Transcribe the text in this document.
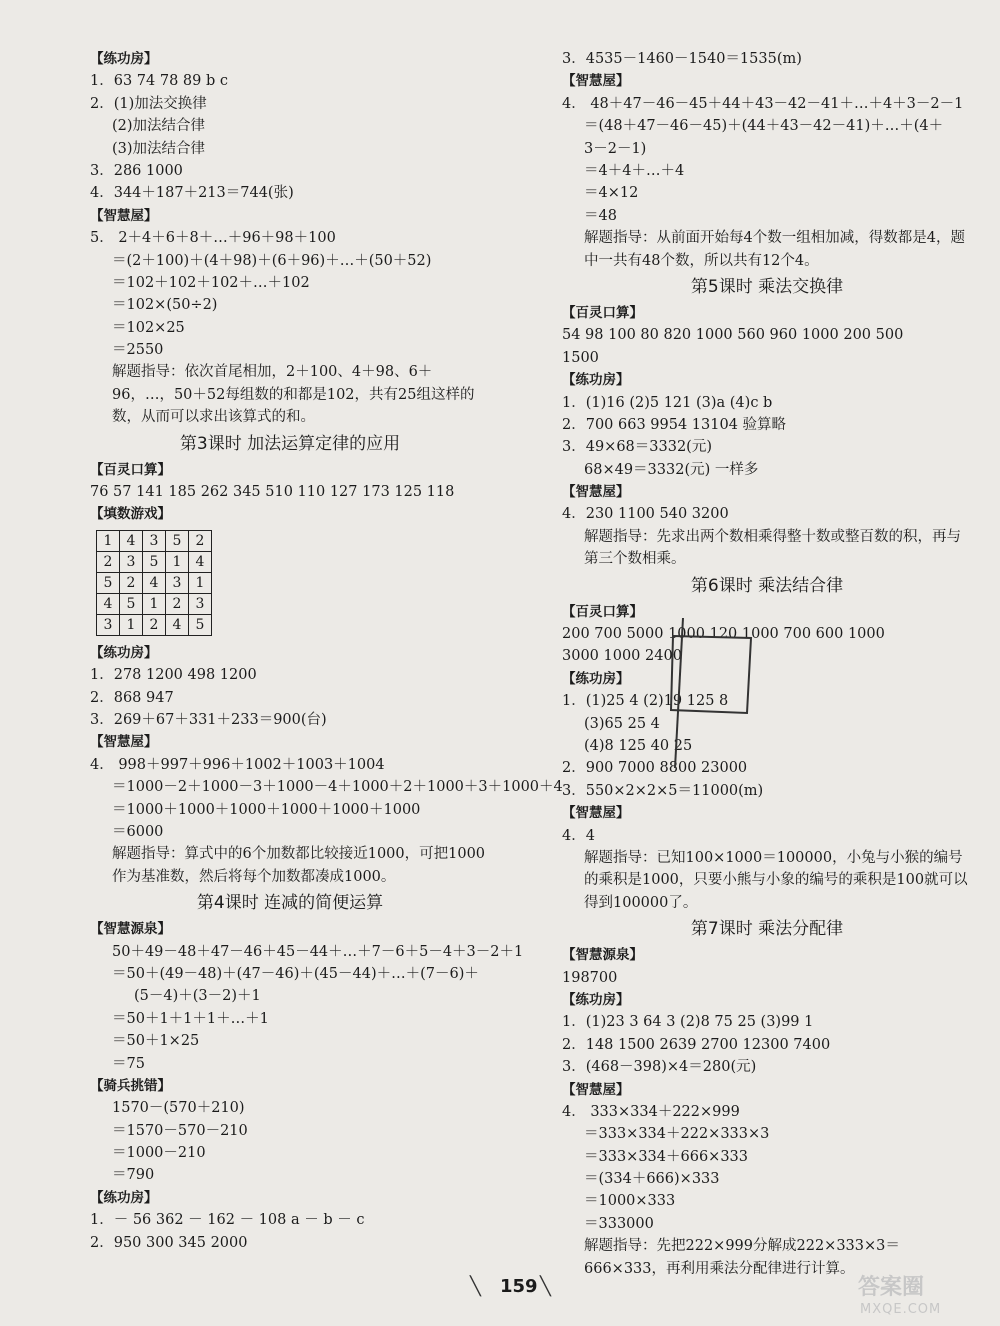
【练功房】
1．63 74 78 89 b c
2．(1)加法交换律
(2)加法结合律
(3)加法结合律
3．286 1000
4．344＋187＋213＝744(张)
【智慧屋】
5． 2＋4＋6＋8＋…＋96＋98＋100
＝(2＋100)＋(4＋98)＋(6＋96)＋…＋(50＋52)
＝102＋102＋102＋…＋102
＝102×(50÷2)
＝102×25
＝2550
解题指导：依次首尾相加，2＋100、4＋98、6＋96，…，50＋52每组数的和都是102，共有25组这样的数，从而可以求出该算式的和。
第3课时 加法运算定律的应用
【百灵口算】
76 57 141 185 262 345 510 110 127 173 125 118
【填数游戏】
1	4	3	5	2
2	3	5	1	4
5	2	4	3	1
4	5	1	2	3
3	1	2	4	5
【练功房】
1．278 1200 498 1200
2．868 947
3．269＋67＋331＋233＝900(台)
【智慧屋】
4． 998＋997＋996＋1002＋1003＋1004
＝1000－2＋1000－3＋1000－4＋1000＋2＋1000＋3＋1000＋4
＝1000＋1000＋1000＋1000＋1000＋1000
＝6000
解题指导：算式中的6个加数都比较接近1000，可把1000作为基准数，然后将每个加数都凑成1000。
第4课时 连减的简便运算
【智慧源泉】
50＋49－48＋47－46＋45－44＋…＋7－6＋5－4＋3－2＋1
＝50＋(49－48)＋(47－46)＋(45－44)＋…＋(7－6)＋
(5－4)＋(3－2)＋1
＝50＋1＋1＋1＋…＋1
＝50＋1×25
＝75
【骑兵挑错】
1570－(570＋210)
＝1570－570－210
＝1000－210
＝790
【练功房】
1．－ 56 362 － 162 － 108 a － b － c
2．950 300 345 2000
3．4535－1460－1540＝1535(m)
【智慧屋】
4． 48＋47－46－45＋44＋43－42－41＋…＋4＋3－2－1
＝(48＋47－46－45)＋(44＋43－42－41)＋…＋(4＋
3－2－1)
＝4＋4＋…＋4
＝4×12
＝48
解题指导：从前面开始每4个数一组相加减，得数都是4，题中一共有48个数，所以共有12个4。
第5课时 乘法交换律
【百灵口算】
54 98 100 80 820 1000 560 960 1000 200 500
1500
【练功房】
1．(1)16 (2)5 121 (3)a (4)c b
2．700 663 9954 13104 验算略
3．49×68＝3332(元)
68×49＝3332(元) 一样多
【智慧屋】
4．230 1100 540 3200
解题指导：先求出两个数相乘得整十数或整百数的积，再与第三个数相乘。
第6课时 乘法结合律
【百灵口算】
200 700 5000 1000 120 1000 700 600 1000
3000 1000 2400
【练功房】
1．(1)25 4 (2)19 125 8
(3)65 25 4
(4)8 125 40 25
2．900 7000 8800 23000
3．550×2×2×5＝11000(m)
【智慧屋】
4．4
解题指导：已知100×1000＝100000，小兔与小猴的编号的乘积是1000，只要小熊与小象的编号的乘积是100就可以得到100000了。
第7课时 乘法分配律
【智慧源泉】
198700
【练功房】
1．(1)23 3 64 3 (2)8 75 25 (3)99 1
2．148 1500 2639 2700 12300 7400
3．(468－398)×4＝280(元)
【智慧屋】
4． 333×334＋222×999
＝333×334＋222×333×3
＝333×334＋666×333
＝(334＋666)×333
＝1000×333
＝333000
解题指导：先把222×999分解成222×333×3＝666×333，再利用乘法分配律进行计算。
╲ 159 ╲	答案圈
MXQE.COM
